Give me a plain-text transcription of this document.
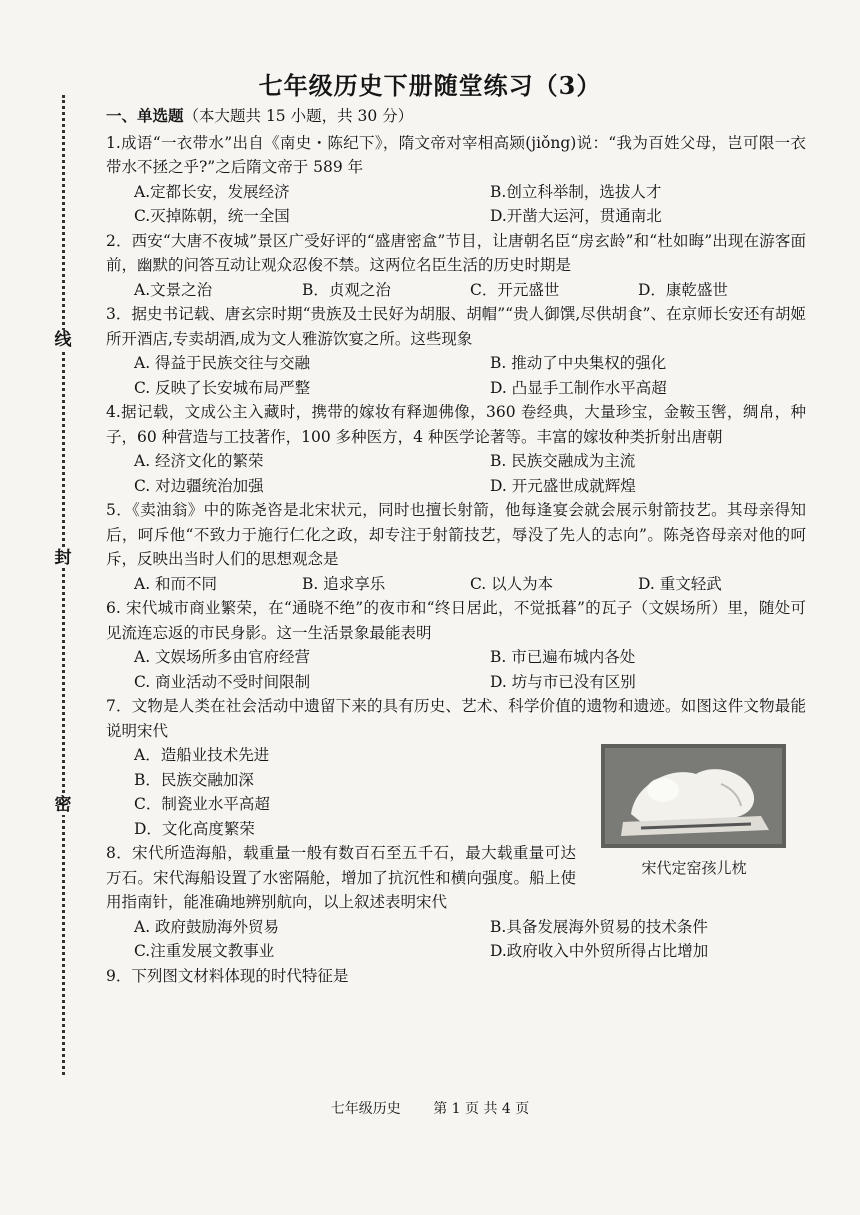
线
封
密
七年级历史下册随堂练习（3）
一、单选题（本大题共 15 小题，共 30 分）

1.成语“一衣带水”出自《南史・陈纪下》，隋文帝对宰相高颎(jiǒng)说：“我为百姓父母，岂可限一衣带水不拯之乎?”之后隋文帝于 589 年

A.定都长安，发展经济	B.创立科举制，选拔人才
C.灭掉陈朝，统一全国	D.开凿大运河，贯通南北

2．西安“大唐不夜城”景区广受好评的“盛唐密盒”节目，让唐朝名臣“房玄龄”和“杜如晦”出现在游客面前，幽默的问答互动让观众忍俊不禁。这两位名臣生活的历史时期是

A.文景之治	B．贞观之治	C．开元盛世	D．康乾盛世

3．据史书记载、唐玄宗时期“贵族及士民好为胡服、胡帽”“贵人御馔,尽供胡食”、在京师长安还有胡姬所开酒店,专卖胡酒,成为文人雅游饮宴之所。这些现象

A. 得益于民族交往与交融	B. 推动了中央集权的强化
C. 反映了长安城布局严整	D. 凸显手工制作水平高超

4.据记载，文成公主入藏时，携带的嫁妆有释迦佛像，360 卷经典，大量珍宝，金鞍玉辔，绸帛，种子，60 种营造与工技著作，100 多种医方，4 种医学论著等。丰富的嫁妆种类折射出唐朝

A. 经济文化的繁荣	B. 民族交融成为主流
C. 对边疆统治加强	D. 开元盛世成就辉煌

5．《卖油翁》中的陈尧咨是北宋状元，同时也擅长射箭，他每逢宴会就会展示射箭技艺。其母亲得知后，呵斥他“不致力于施行仁化之政，却专注于射箭技艺，辱没了先人的志向”。陈尧咨母亲对他的呵斥，反映出当时人们的思想观念是

A. 和而不同	B. 追求享乐	C. 以人为本	D. 重文轻武

6. 宋代城市商业繁荣，在“通晓不绝”的夜市和“终日居此，不觉抵暮”的瓦子（文娱场所）里，随处可见流连忘返的市民身影。这一生活景象最能表明

A. 文娱场所多由官府经营	B. 市已遍布城内各处
C. 商业活动不受时间限制	D. 坊与市已没有区别

7．文物是人类在社会活动中遗留下来的具有历史、艺术、科学价值的遗物和遗迹。如图这件文物最能说明宋代

A．造船业技术先进
B．民族交融加深
C．制瓷业水平高超
D．文化高度繁荣
宋代定窑孩儿枕

8．宋代所造海船，载重量一般有数百石至五千石，最大载重量可达万石。宋代海船设置了水密隔舱，增加了抗沉性和横向强度。船上使用指南针，能准确地辨别航向，以上叙述表明宋代

A. 政府鼓励海外贸易	B.具备发展海外贸易的技术条件
C.注重发展文教事业	D.政府收入中外贸所得占比增加

9．下列图文材料体现的时代特征是

七年级历史 第 1 页 共 4 页
